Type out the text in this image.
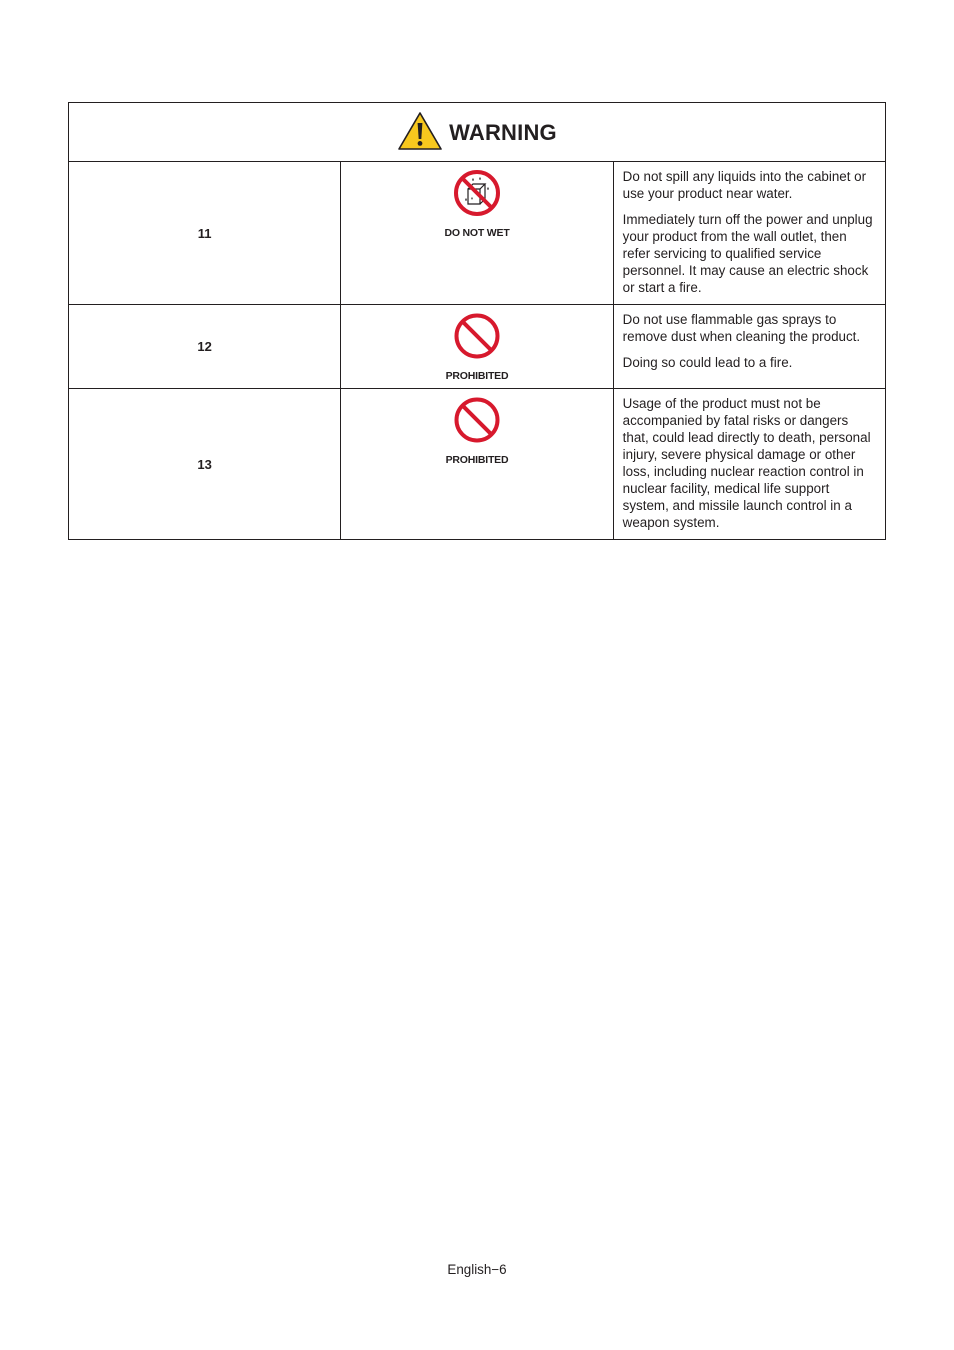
WARNING		

11	DO NOT WET	Do not spill any liquids into the cabinet or use your product near water.

Immediately turn off the power and unplug your product from the wall outlet, then refer servicing to qualified service personnel. It may cause an electric shock or start a fire.

12	PROHIBITED	Do not use flammable gas sprays to remove dust when cleaning the product.

Doing so could lead to a fire.

13	PROHIBITED	Usage of the product must not be accompanied by fatal risks or dangers that, could lead directly to death, personal injury, severe physical damage or other loss, including nuclear reaction control in nuclear facility, medical life support system, and missile launch control in a weapon system.

English−6
